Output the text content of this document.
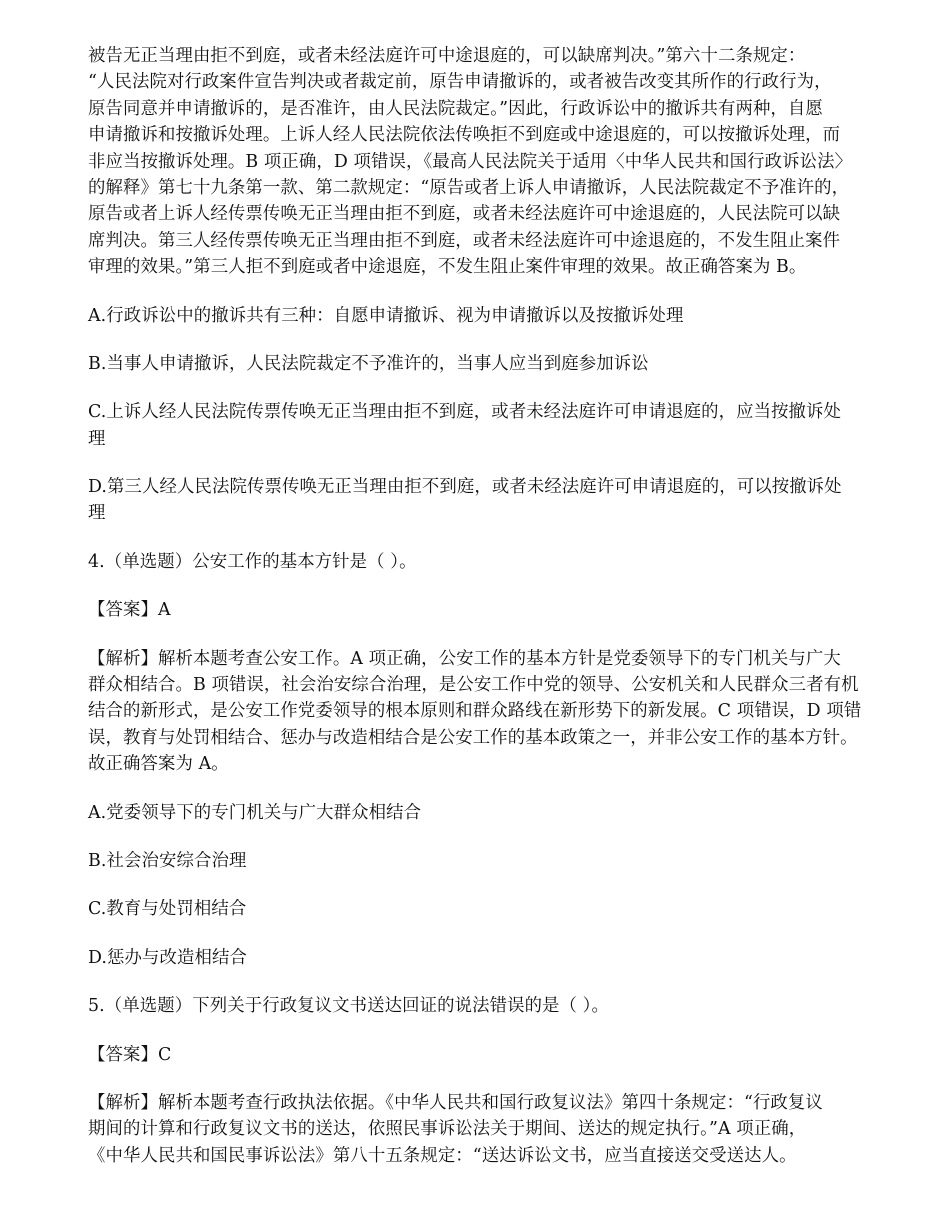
被告无正当理由拒不到庭，或者未经法庭许可中途退庭的，可以缺席判决。”第六十二条规定：
“人民法院对行政案件宣告判决或者裁定前，原告申请撤诉的，或者被告改变其所作的行政行为，
原告同意并申请撤诉的，是否准许，由人民法院裁定。”因此，行政诉讼中的撤诉共有两种，自愿
申请撤诉和按撤诉处理。上诉人经人民法院依法传唤拒不到庭或中途退庭的，可以按撤诉处理，而
非应当按撤诉处理。B 项正确，D 项错误，《最高人民法院关于适用〈中华人民共和国行政诉讼法〉
的解释》第七十九条第一款、第二款规定：“原告或者上诉人申请撤诉，人民法院裁定不予准许的，
原告或者上诉人经传票传唤无正当理由拒不到庭，或者未经法庭许可中途退庭的，人民法院可以缺
席判决。第三人经传票传唤无正当理由拒不到庭，或者未经法庭许可中途退庭的，不发生阻止案件
审理的效果。”第三人拒不到庭或者中途退庭，不发生阻止案件审理的效果。故正确答案为 B。
A.行政诉讼中的撤诉共有三种：自愿申请撤诉、视为申请撤诉以及按撤诉处理
B.当事人申请撤诉，人民法院裁定不予准许的，当事人应当到庭参加诉讼
C.上诉人经人民法院传票传唤无正当理由拒不到庭，或者未经法庭许可申请退庭的，应当按撤诉处
理
D.第三人经人民法院传票传唤无正当理由拒不到庭，或者未经法庭许可申请退庭的，可以按撤诉处
理
4.（单选题）公安工作的基本方针是（ ）。
【答案】A
【解析】解析本题考查公安工作。A 项正确，公安工作的基本方针是党委领导下的专门机关与广大
群众相结合。B 项错误，社会治安综合治理，是公安工作中党的领导、公安机关和人民群众三者有机
结合的新形式，是公安工作党委领导的根本原则和群众路线在新形势下的新发展。C 项错误，D 项错
误，教育与处罚相结合、惩办与改造相结合是公安工作的基本政策之一，并非公安工作的基本方针。
故正确答案为 A。
A.党委领导下的专门机关与广大群众相结合
B.社会治安综合治理
C.教育与处罚相结合
D.惩办与改造相结合
5.（单选题）下列关于行政复议文书送达回证的说法错误的是（ ）。
【答案】C
【解析】解析本题考查行政执法依据。《中华人民共和国行政复议法》第四十条规定：“行政复议
期间的计算和行政复议文书的送达，依照民事诉讼法关于期间、送达的规定执行。”A 项正确，
《中华人民共和国民事诉讼法》第八十五条规定：“送达诉讼文书，应当直接送交受送达人。
